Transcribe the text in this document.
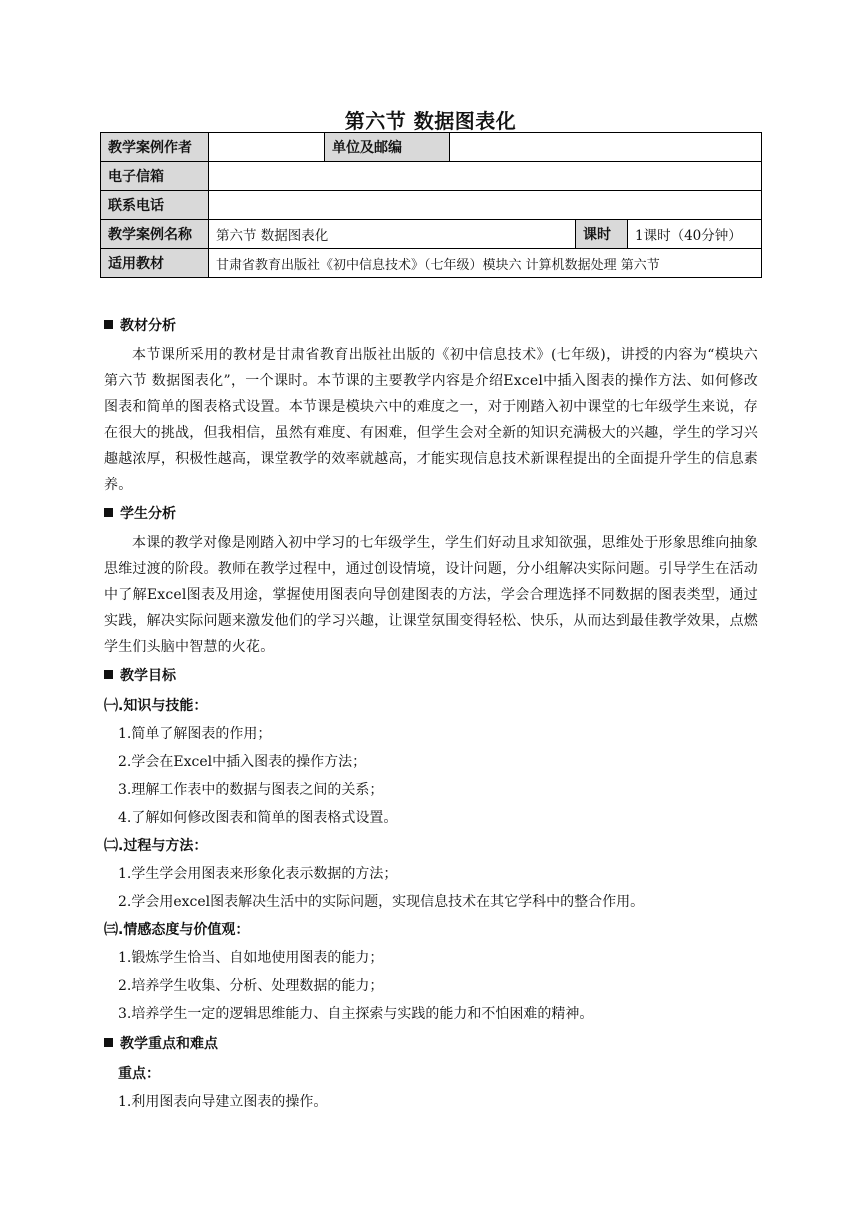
第六节 数据图表化
教学案例作者		单位及邮编			
电子信箱					
联系电话					
教学案例名称	第六节 数据图表化			课时	1课时（40分钟）
适用教材	甘肃省教育出版社《初中信息技术》（七年级）模块六 计算机数据处理 第六节				
教材分析
本节课所采用的教材是甘肃省教育出版社出版的《初中信息技术》(七年级)，讲授的内容为“模块六第六节 数据图表化”，一个课时。本节课的主要教学内容是介绍Excel中插入图表的操作方法、如何修改图表和简单的图表格式设置。本节课是模块六中的难度之一，对于刚踏入初中课堂的七年级学生来说，存在很大的挑战，但我相信，虽然有难度、有困难，但学生会对全新的知识充满极大的兴趣，学生的学习兴趣越浓厚，积极性越高，课堂教学的效率就越高，才能实现信息技术新课程提出的全面提升学生的信息素养。
学生分析
本课的教学对像是刚踏入初中学习的七年级学生，学生们好动且求知欲强，思维处于形象思维向抽象思维过渡的阶段。教师在教学过程中，通过创设情境，设计问题，分小组解决实际问题。引导学生在活动中了解Excel图表及用途，掌握使用图表向导创建图表的方法，学会合理选择不同数据的图表类型，通过实践，解决实际问题来激发他们的学习兴趣，让课堂氛围变得轻松、快乐，从而达到最佳教学效果，点燃学生们头脑中智慧的火花。
教学目标
㈠.知识与技能：
1.简单了解图表的作用；
2.学会在Excel中插入图表的操作方法；
3.理解工作表中的数据与图表之间的关系；
4.了解如何修改图表和简单的图表格式设置。
㈡.过程与方法：
1.学生学会用图表来形象化表示数据的方法；
2.学会用excel图表解决生活中的实际问题，实现信息技术在其它学科中的整合作用。
㈢.情感态度与价值观：
1.锻炼学生恰当、自如地使用图表的能力；
2.培养学生收集、分析、处理数据的能力；
3.培养学生一定的逻辑思维能力、自主探索与实践的能力和不怕困难的精神。
教学重点和难点
重点：
1.利用图表向导建立图表的操作。
